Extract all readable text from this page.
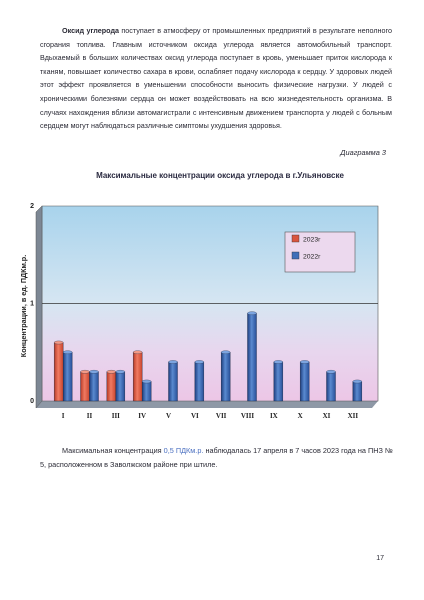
Оксид углерода поступает в атмосферу от промышленных предприятий в результате неполного сгорания топлива. Главным источником оксида углерода является автомобильный транспорт. Вдыхаемый в больших количествах оксид углерода поступает в кровь, уменьшает приток кислорода к тканям, повышает количество сахара в крови, ослабляет подачу кислорода к сердцу. У здоровых людей этот эффект проявляется в уменьшении способности выносить физические нагрузки. У людей с хроническими болезнями сердца он может воздействовать на всю жизнедеятельность организма. В случаях нахождения вблизи автомагистрали с интенсивным движением транспорта у людей с больным сердцем могут наблюдаться различные симптомы ухудшения здоровья.
Диаграмма 3
Максимальные концентрации оксида углерода в г.Ульяновске
0
1
2
I	II	III	IV	V	VI VII VIII IX	X	XI XII
Концентрации, в ед. ПДКм.р.
2023г
2022г
Максимальная концентрация 0,5 ПДКм.р. наблюдалась 17 апреля в 7 часов 2023 года на ПНЗ № 5, расположенном в Заволжском районе при штиле.
17
